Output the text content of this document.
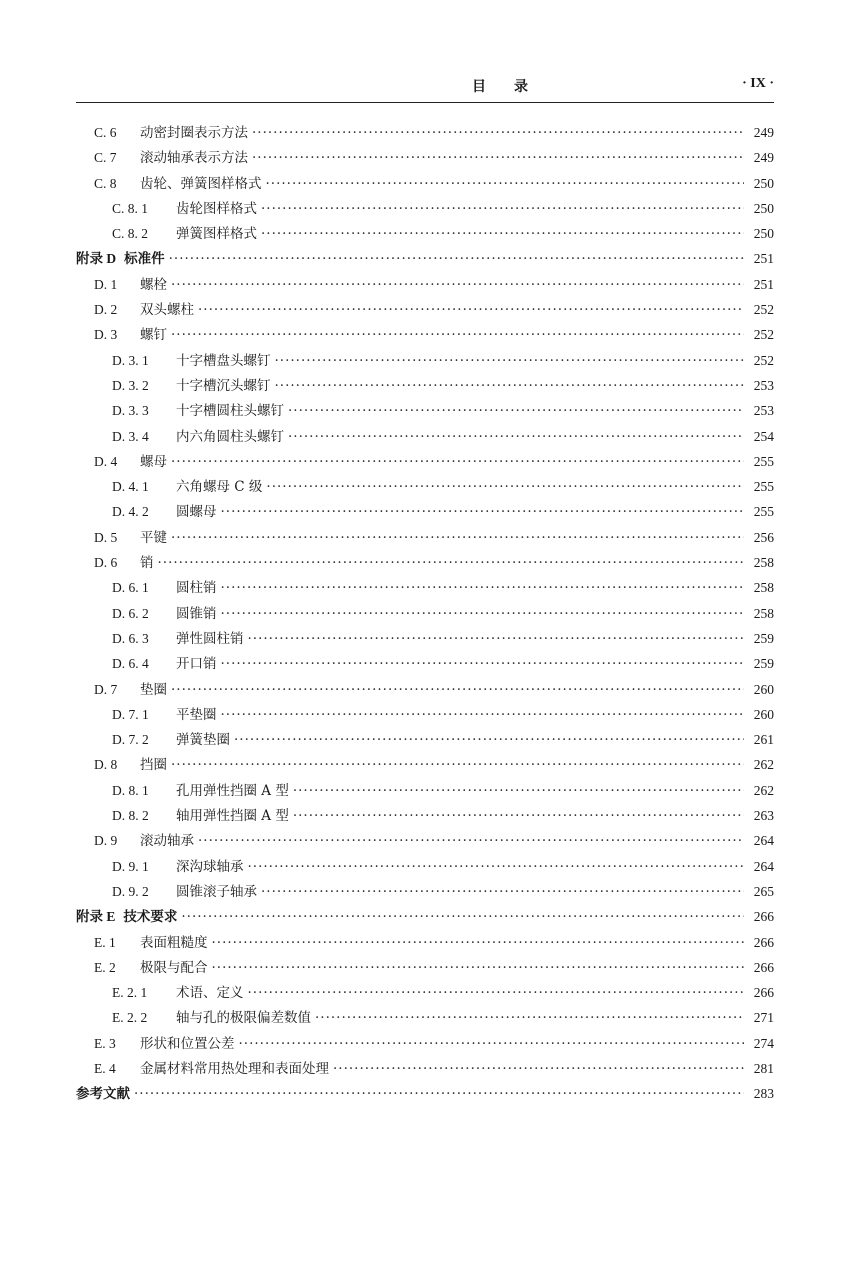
目录	· IX ·
C. 6	动密封圈表示方法 ·····	249
C. 7	滚动轴承表示方法 ·····	249
C. 8	齿轮、弹簧图样格式 ·····	250
C. 8. 1	齿轮图样格式 ·····	250
C. 8. 2	弹簧图样格式 ·····	250
附录 D 标准件 ·····	251
D. 1	螺栓 ·····	251
D. 2	双头螺柱 ·····	252
D. 3	螺钉 ·····	252
D. 3. 1	十字槽盘头螺钉 ·····	252
D. 3. 2	十字槽沉头螺钉 ·····	253
D. 3. 3	十字槽圆柱头螺钉 ·····	253
D. 3. 4	内六角圆柱头螺钉 ·····	254
D. 4	螺母 ·····	255
D. 4. 1	六角螺母 C 级 ·····	255
D. 4. 2	圆螺母 ·····	255
D. 5	平键 ·····	256
D. 6	销 ·····	258
D. 6. 1	圆柱销 ·····	258
D. 6. 2	圆锥销 ·····	258
D. 6. 3	弹性圆柱销 ·····	259
D. 6. 4	开口销 ·····	259
D. 7	垫圈 ·····	260
D. 7. 1	平垫圈 ·····	260
D. 7. 2	弹簧垫圈 ·····	261
D. 8	挡圈 ·····	262
D. 8. 1	孔用弹性挡圈 A 型 ·····	262
D. 8. 2	轴用弹性挡圈 A 型 ·····	263
D. 9	滚动轴承 ·····	264
D. 9. 1	深沟球轴承 ·····	264
D. 9. 2	圆锥滚子轴承 ·····	265
附录 E 技术要求 ·····	266
E. 1	表面粗糙度 ·····	266
E. 2	极限与配合 ·····	266
E. 2. 1	术语、定义 ·····	266
E. 2. 2	轴与孔的极限偏差数值 ·····	271
E. 3	形状和位置公差 ·····	274
E. 4	金属材料常用热处理和表面处理 ·····	281
参考文献 ·····	283
